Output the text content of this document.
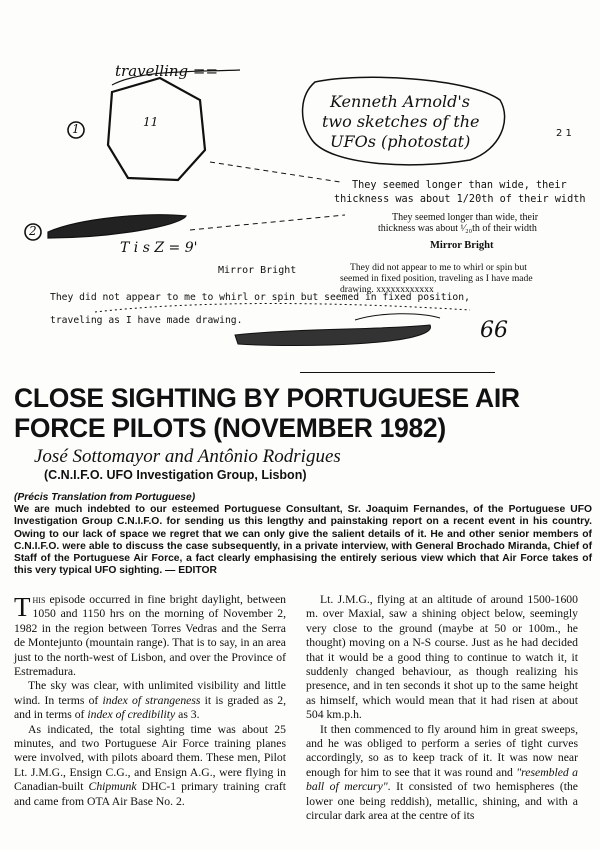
travelling ==
Kenneth Arnold's
two sketches of the
UFOs (photostat)
1
2
11
2 1
T i s Z = 9'
They seemed longer than wide, their
thickness was about 1/20th of their width
They seemed longer than wide, their
thickness was about ¹⁄₂₀th of their width
Mirror Bright
Mirror Bright	They did not appear to me to whirl or spin but
seemed in fixed position, traveling as I have made
drawing. xxxxxxxxxxxx
They did not appear to me to whirl or spin but seemed in fixed position,
traveling as I have made drawing.	66
CLOSE SIGHTING BY PORTUGUESE AIR FORCE PILOTS (NOVEMBER 1982)
José Sottomayor and Antônio Rodrigues
(C.N.I.F.O. UFO Investigation Group, Lisbon)
(Précis Translation from Portuguese)

We are much indebted to our esteemed Portuguese Consultant, Sr. Joaquim Fernandes, of the Portuguese UFO Investigation Group C.N.I.F.O. for sending us this lengthy and painstaking report on a recent event in his country. Owing to our lack of space we regret that we can only give the salient details of it. He and other senior members of C.N.I.F.O. were able to discuss the case subsequently, in a private interview, with General Brochado Miranda, Chief of Staff of the Portuguese Air Force, a fact clearly emphasising the entirely serious view which that Air Force takes of this very typical UFO sighting. — EDITOR

This episode occurred in fine bright daylight, between 1050 and 1150 hrs on the morning of November 2, 1982 in the region between Torres Vedras and the Serra de Montejunto (mountain range). That is to say, in an area just to the north-west of Lisbon, and over the Province of Estremadura.

The sky was clear, with unlimited visibility and little wind. In terms of index of strangeness it is graded as 2, and in terms of index of credibility as 3.

As indicated, the total sighting time was about 25 minutes, and two Portuguese Air Force training planes were involved, with pilots aboard them. These men, Pilot Lt. J.M.G., Ensign C.G., and Ensign A.G., were flying in Canadian-built Chipmunk DHC-1 primary training craft and came from OTA Air Base No. 2.

Lt. J.M.G., flying at an altitude of around 1500-1600 m. over Maxial, saw a shining object below, seemingly very close to the ground (maybe at 50 or 100m., he thought) moving on a N-S course. Just as he had decided that it would be a good thing to continue to watch it, it suddenly changed behaviour, as though realizing his presence, and in ten seconds it shot up to the same height as himself, which would mean that it had risen at about 504 km.p.h.

It then commenced to fly around him in great sweeps, and he was obliged to perform a series of tight curves accordingly, so as to keep track of it. It was now near enough for him to see that it was round and "resembled a ball of mercury". It consisted of two hemispheres (the lower one being reddish), metallic, shining, and with a circular dark area at the centre of its
